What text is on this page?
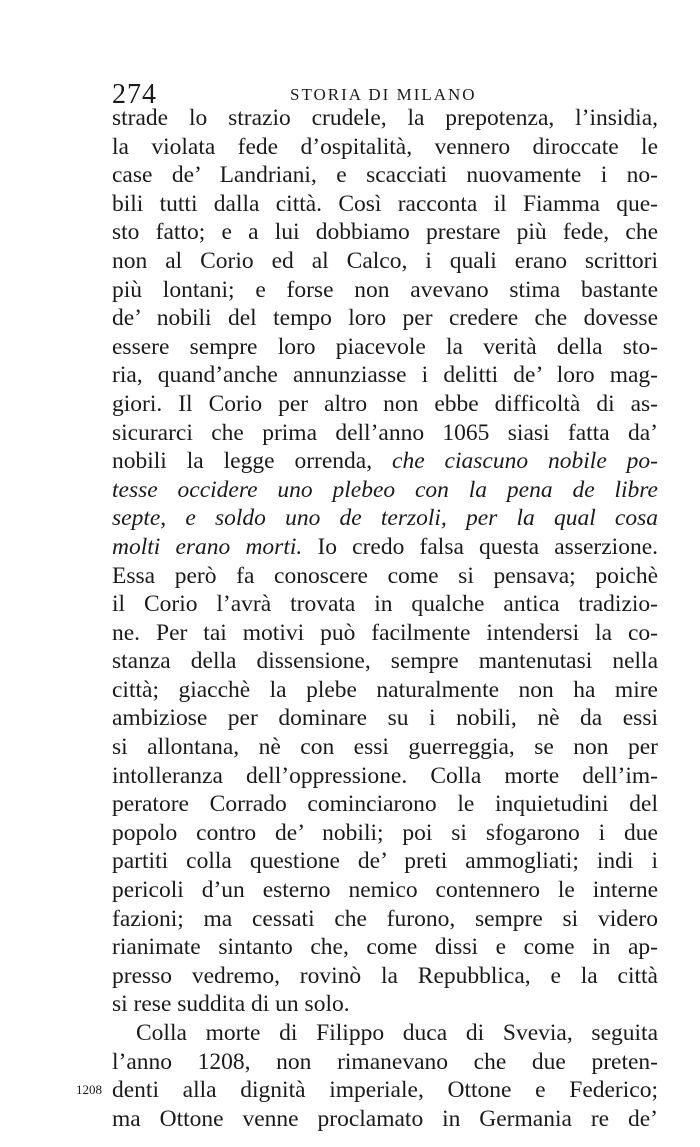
274	STORIA DI MILANO
strade lo strazio crudele, la prepotenza, l’insidia,
la violata fede d’ospitalità, vennero diroccate le
case de’ Landriani, e scacciati nuovamente i no-
bili tutti dalla città. Così racconta il Fiamma que-
sto fatto; e a lui dobbiamo prestare più fede, che
non al Corio ed al Calco, i quali erano scrittori
più lontani; e forse non avevano stima bastante
de’ nobili del tempo loro per credere che dovesse
essere sempre loro piacevole la verità della sto-
ria, quand’anche annunziasse i delitti de’ loro mag-
giori. Il Corio per altro non ebbe difficoltà di as-
sicurarci che prima dell’anno 1065 siasi fatta da’
nobili la legge orrenda, che ciascuno nobile po-
tesse occidere uno plebeo con la pena de libre
septe, e soldo uno de terzoli, per la qual cosa
molti erano morti. Io credo falsa questa asserzione.
Essa però fa conoscere come si pensava; poichè
il Corio l’avrà trovata in qualche antica tradizio-
ne. Per tai motivi può facilmente intendersi la co-
stanza della dissensione, sempre mantenutasi nella
città; giacchè la plebe naturalmente non ha mire
ambiziose per dominare su i nobili, nè da essi
si allontana, nè con essi guerreggia, se non per
intolleranza dell’oppressione. Colla morte dell’im-
peratore Corrado cominciarono le inquietudini del
popolo contro de’ nobili; poi si sfogarono i due
partiti colla questione de’ preti ammogliati; indi i
pericoli d’un esterno nemico contennero le interne
fazioni; ma cessati che furono, sempre si videro
rianimate sintanto che, come dissi e come in ap-
presso vedremo, rovinò la Repubblica, e la città
si rese suddita di un solo.
Colla morte di Filippo duca di Svevia, seguita
l’anno 1208, non rimanevano che due preten-
denti alla dignità imperiale, Ottone e Federico;
ma Ottone venne proclamato in Germania re de’
1208
